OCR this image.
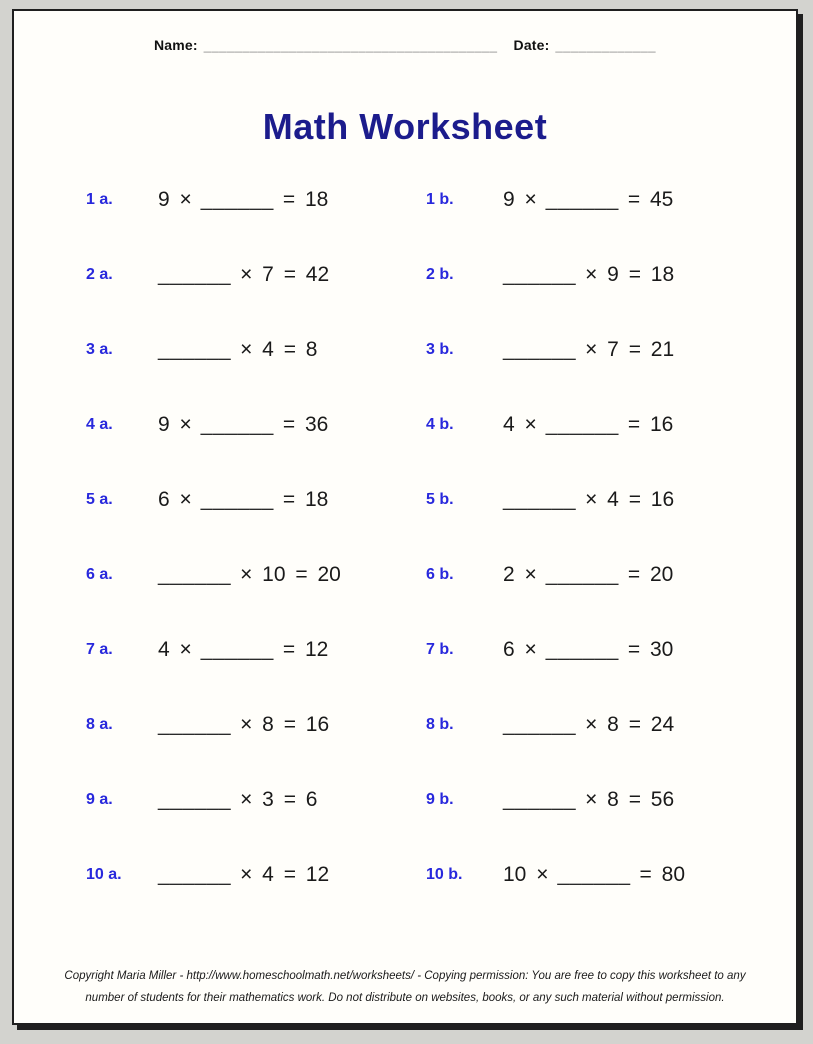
Name: ______________________________________ Date: _____________
Math Worksheet
1 a.	9 × ______ = 18	1 b.	9 × ______ = 45
2 a.	______ × 7 = 42	2 b.	______ × 9 = 18
3 a.	______ × 4 = 8	3 b.	______ × 7 = 21
4 a.	9 × ______ = 36	4 b.	4 × ______ = 16
5 a.	6 × ______ = 18	5 b.	______ × 4 = 16
6 a.	______ × 10 = 20	6 b.	2 × ______ = 20
7 a.	4 × ______ = 12	7 b.	6 × ______ = 30
8 a.	______ × 8 = 16	8 b.	______ × 8 = 24
9 a.	______ × 3 = 6	9 b.	______ × 8 = 56
10 a.	______ × 4 = 12	10 b.	10 × ______ = 80
Copyright Maria Miller - http://www.homeschoolmath.net/worksheets/ - Copying permission: You are free to copy this worksheet to any
number of students for their mathematics work. Do not distribute on websites, books, or any such material without permission.
